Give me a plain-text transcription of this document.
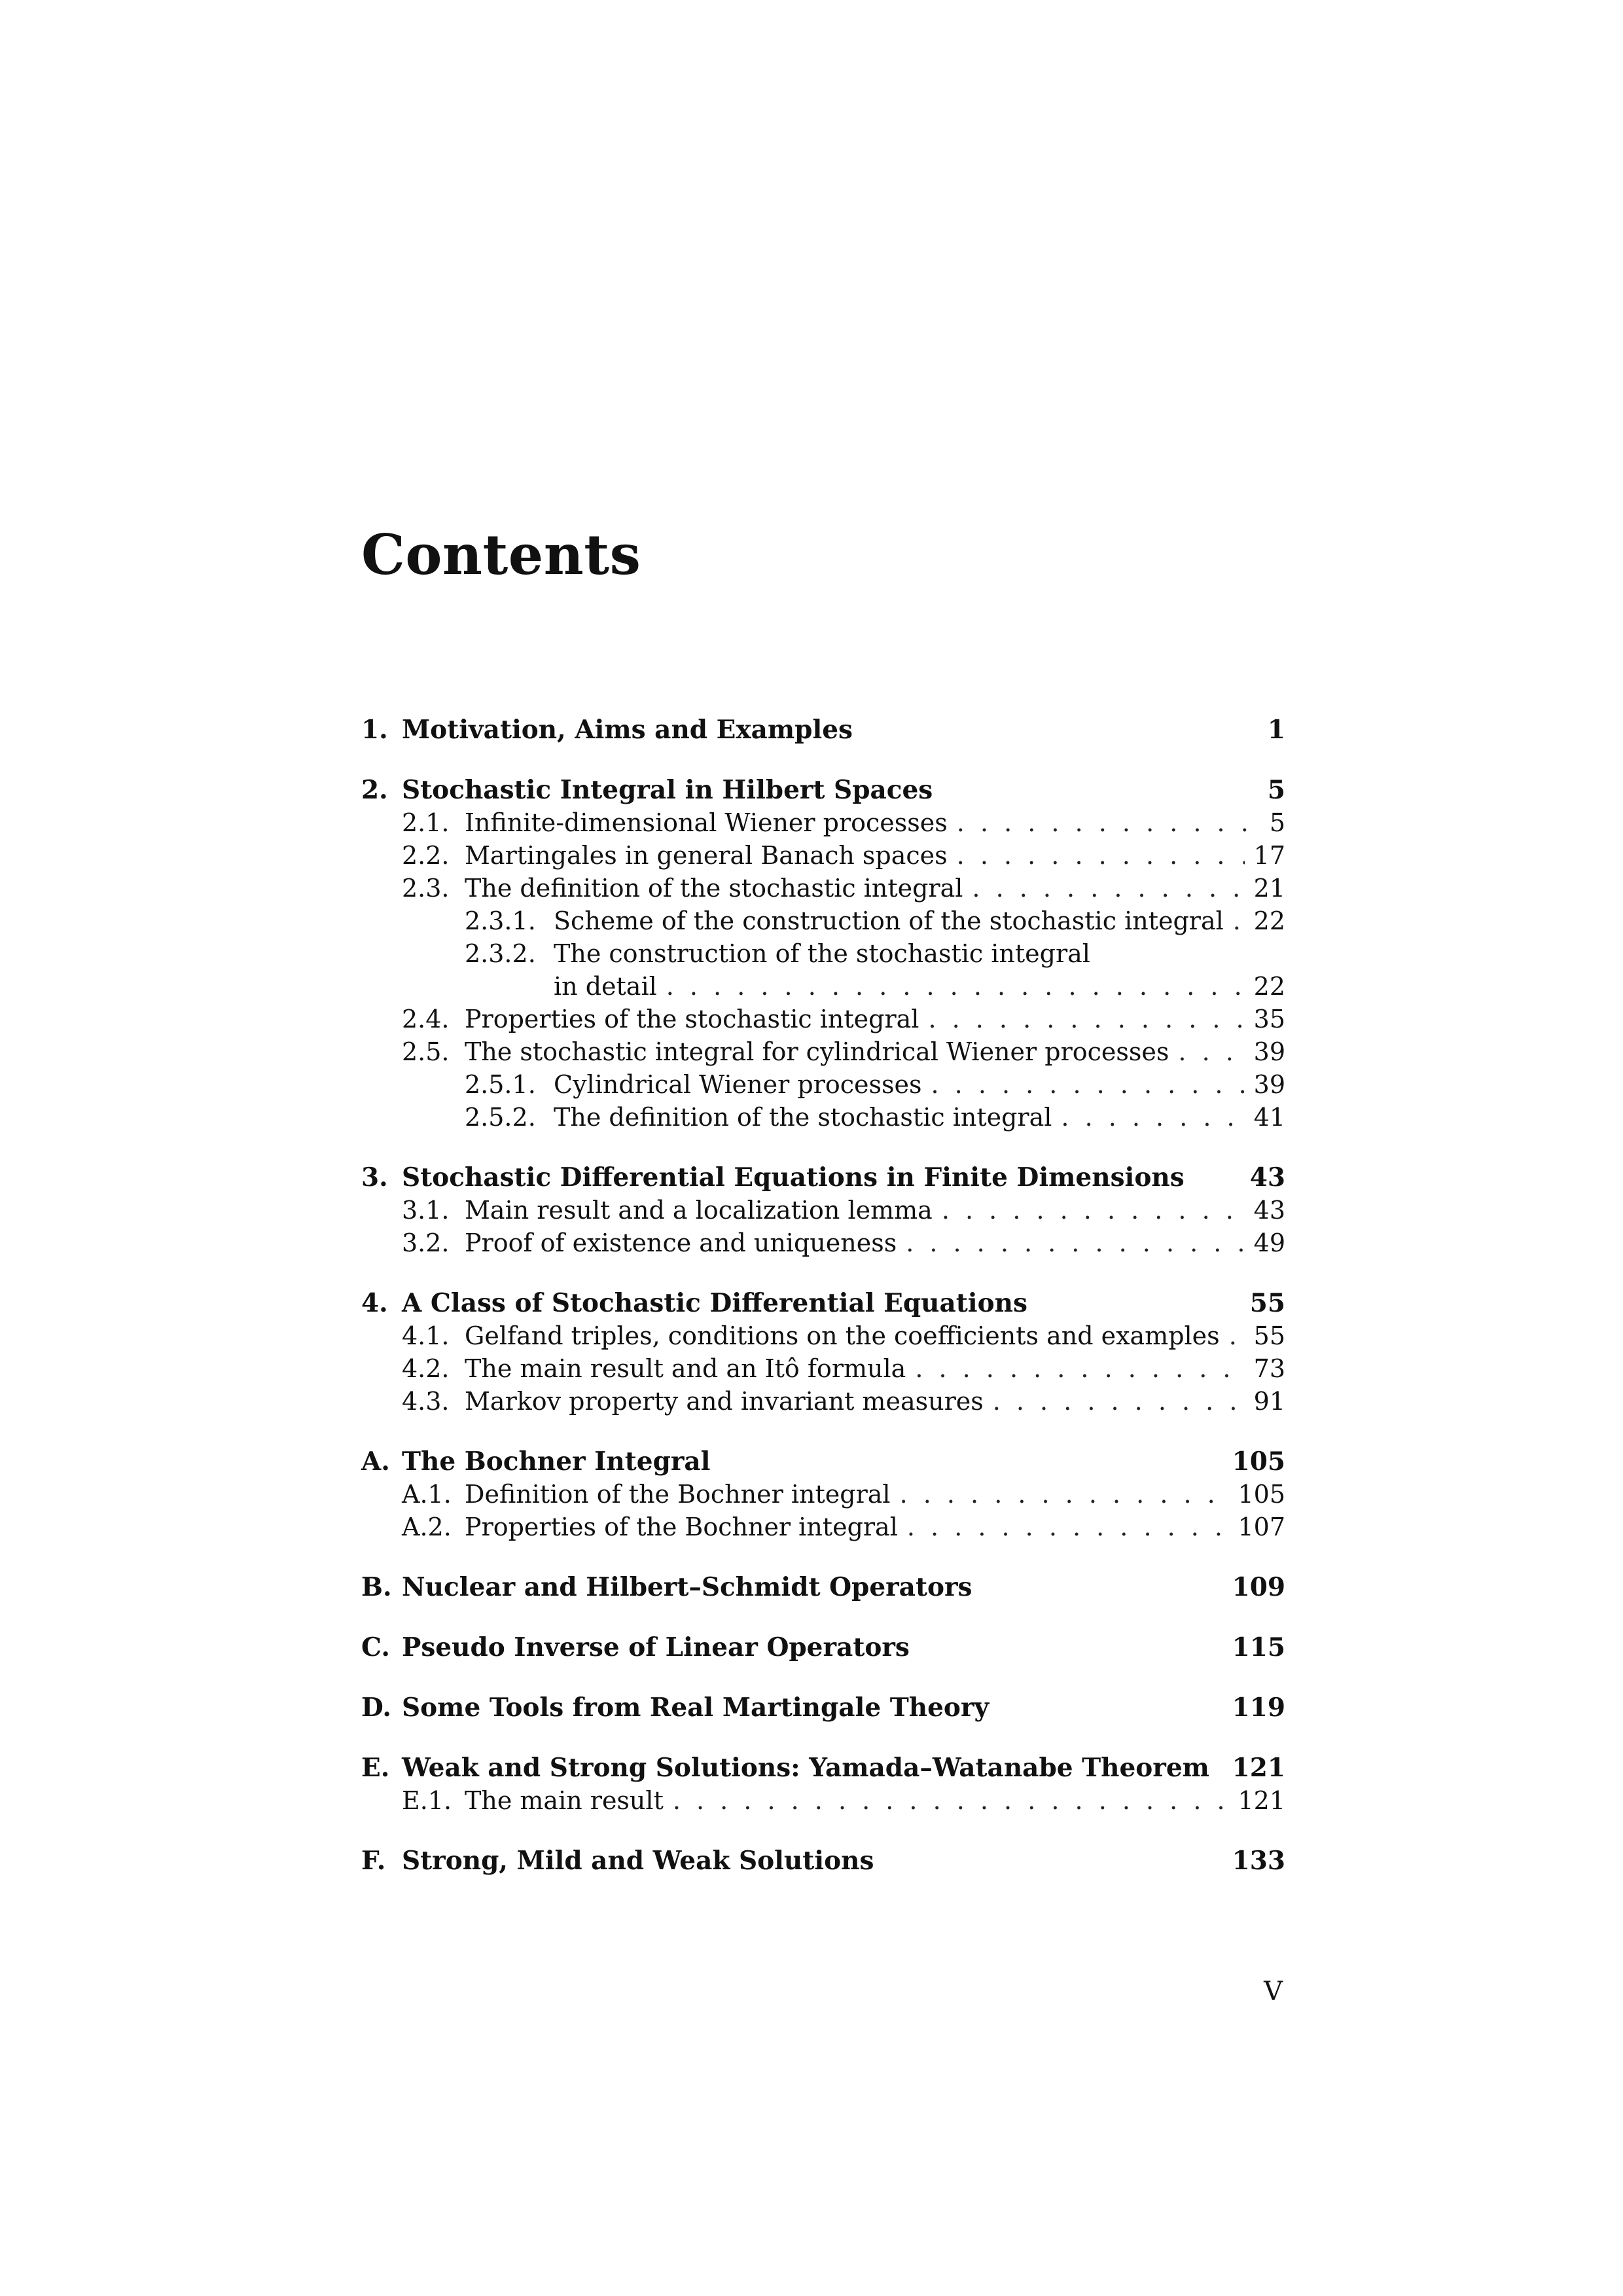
Contents
1. Motivation, Aims and Examples	1
2. Stochastic Integral in Hilbert Spaces	5
2.1. Infinite-dimensional Wiener processes . . .	5
2.2. Martingales in general Banach spaces . . .	17
2.3. The definition of the stochastic integral . . .	21
2.3.1. Scheme of the construction of the stochastic integral . . . 22
2.3.2. The construction of the stochastic integral
in detail . . .	22
2.4. Properties of the stochastic integral . . .	35
2.5. The stochastic integral for cylindrical Wiener processes . . .	39
2.5.1. Cylindrical Wiener processes . . .	39
2.5.2. The definition of the stochastic integral . . .	41
3. Stochastic Differential Equations in Finite Dimensions	43
3.1. Main result and a localization lemma . . .	43
3.2. Proof of existence and uniqueness . . .	49
4. A Class of Stochastic Differential Equations	55
4.1. Gelfand triples, conditions on the coefficients and examples . . . 55
4.2. The main result and an Itô formula . . .	73
4.3. Markov property and invariant measures . . .	91
A. The Bochner Integral	105
A.1. Definition of the Bochner integral . . .	105
A.2. Properties of the Bochner integral . . .	107
B. Nuclear and Hilbert–Schmidt Operators	109
C. Pseudo Inverse of Linear Operators	115
D. Some Tools from Real Martingale Theory	119
E. Weak and Strong Solutions: Yamada–Watanabe Theorem 121
E.1. The main result . . .	121
F. Strong, Mild and Weak Solutions	133
V
